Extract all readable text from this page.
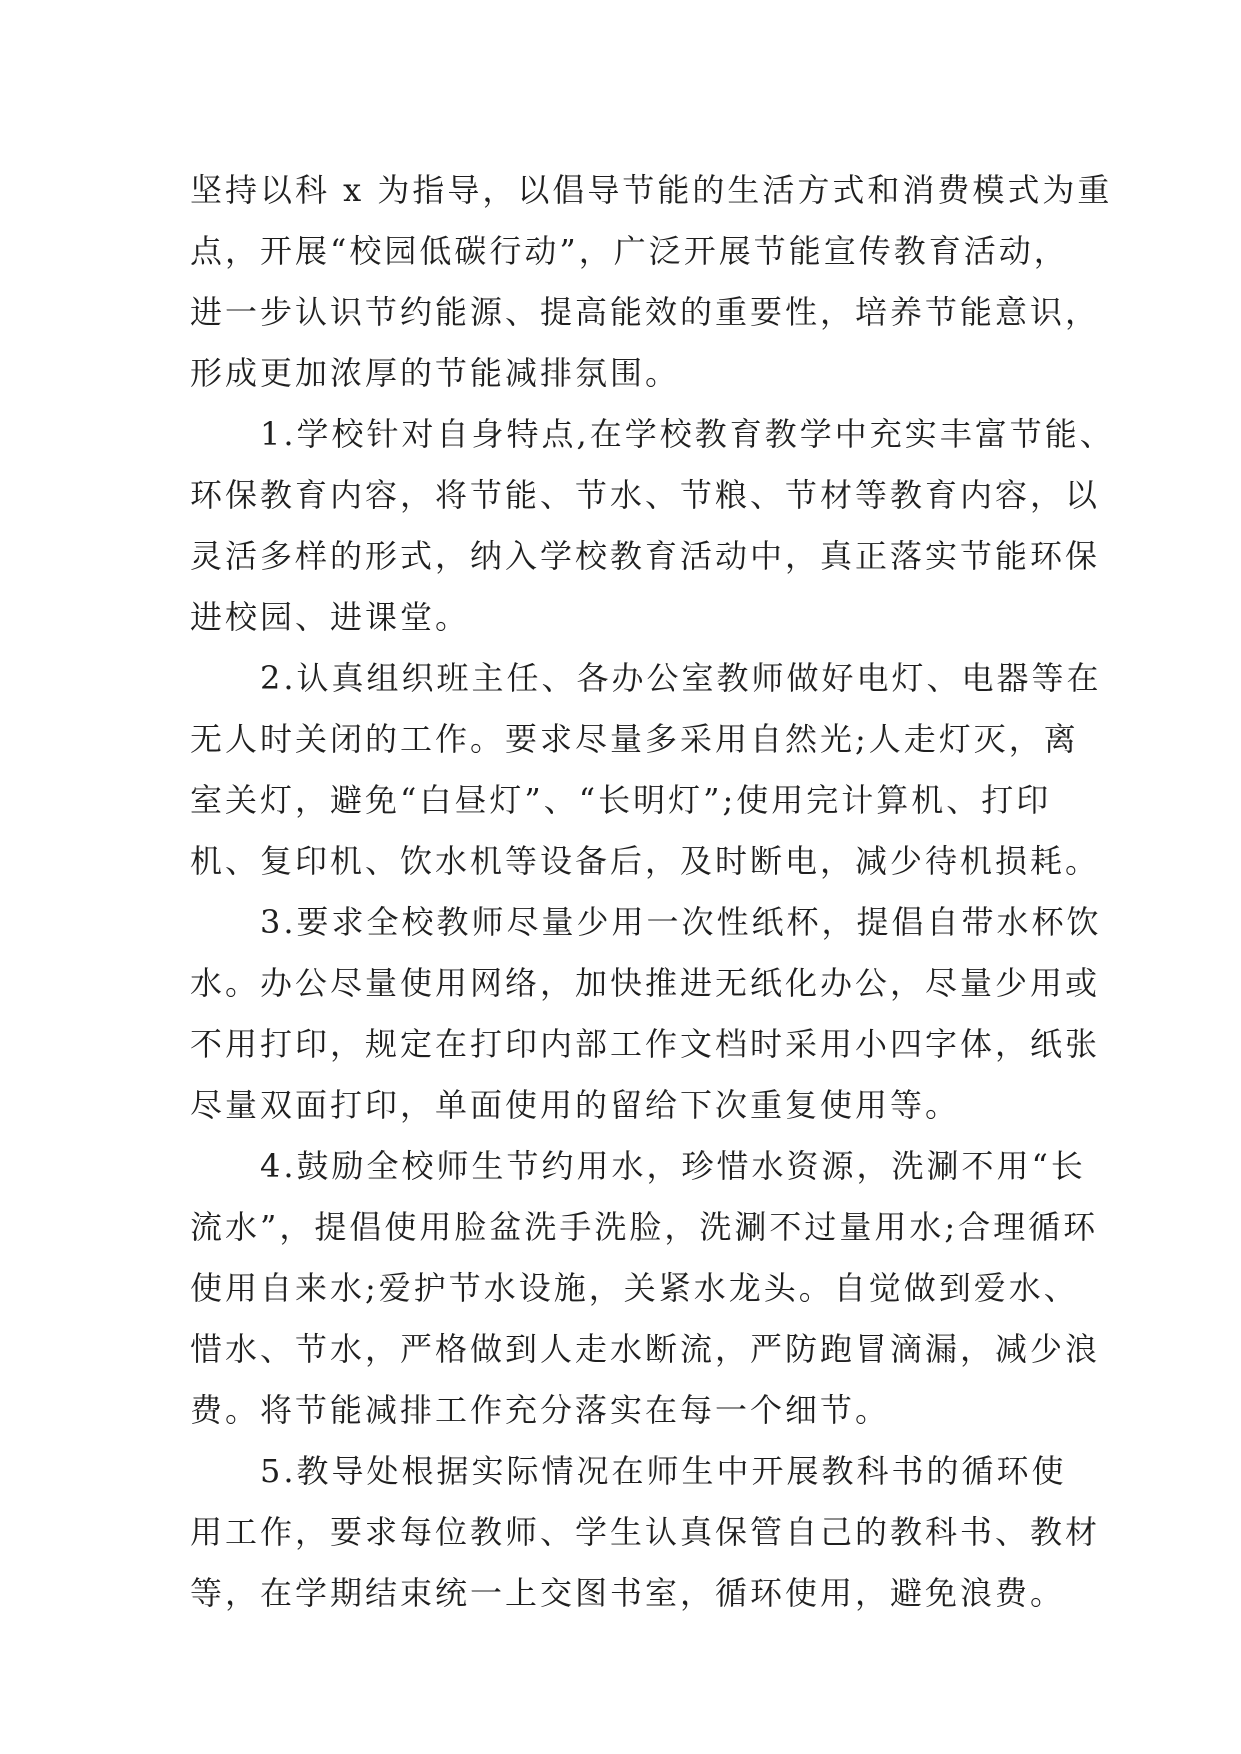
坚持以科 x 为指导，以倡导节能的生活方式和消费模式为重
点，开展“校园低碳行动”，广泛开展节能宣传教育活动，
进一步认识节约能源、提高能效的重要性，培养节能意识，
形成更加浓厚的节能减排氛围。
　　1.学校针对自身特点,在学校教育教学中充实丰富节能、
环保教育内容，将节能、节水、节粮、节材等教育内容，以
灵活多样的形式，纳入学校教育活动中，真正落实节能环保
进校园、进课堂。
　　2.认真组织班主任、各办公室教师做好电灯、电器等在
无人时关闭的工作。要求尽量多采用自然光;人走灯灭，离
室关灯，避免“白昼灯”、“长明灯”;使用完计算机、打印
机、复印机、饮水机等设备后，及时断电，减少待机损耗。
　　3.要求全校教师尽量少用一次性纸杯，提倡自带水杯饮
水。办公尽量使用网络，加快推进无纸化办公，尽量少用或
不用打印，规定在打印内部工作文档时采用小四字体，纸张
尽量双面打印，单面使用的留给下次重复使用等。
　　4.鼓励全校师生节约用水，珍惜水资源，洗涮不用“长
流水”，提倡使用脸盆洗手洗脸，洗涮不过量用水;合理循环
使用自来水;爱护节水设施，关紧水龙头。自觉做到爱水、
惜水、节水，严格做到人走水断流，严防跑冒滴漏，减少浪
费。将节能减排工作充分落实在每一个细节。
　　5.教导处根据实际情况在师生中开展教科书的循环使
用工作，要求每位教师、学生认真保管自己的教科书、教材
等，在学期结束统一上交图书室，循环使用，避免浪费。
